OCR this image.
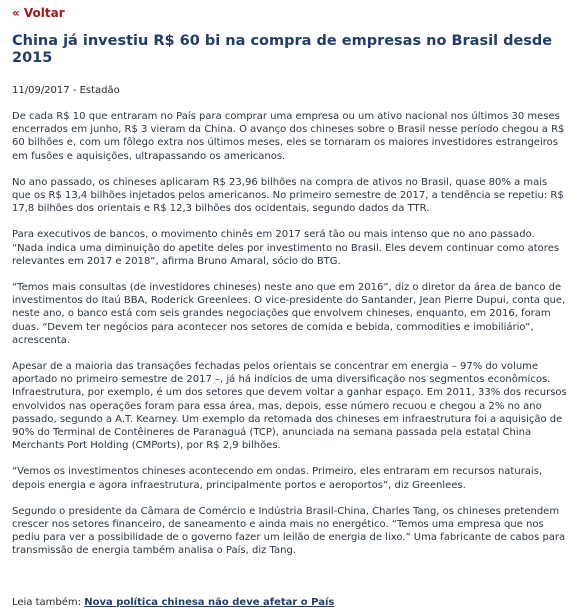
« Voltar
China já investiu R$ 60 bi na compra de empresas no Brasil desde 2015
11/09/2017 - Estadão

De cada R$ 10 que entraram no País para comprar uma empresa ou um ativo nacional nos últimos 30 meses encerrados em junho, R$ 3 vieram da China. O avanço dos chineses sobre o Brasil nesse período chegou a R$ 60 bilhões e, com um fôlego extra nos últimos meses, eles se tornaram os maiores investidores estrangeiros em fusões e aquisições, ultrapassando os americanos.

No ano passado, os chineses aplicaram R$ 23,96 bilhões na compra de ativos no Brasil, quase 80% a mais que os R$ 13,4 bilhões injetados pelos americanos. No primeiro semestre de 2017, a tendência se repetiu: R$ 17,8 bilhões dos orientais e R$ 12,3 bilhões dos ocidentais, segundo dados da TTR.

Para executivos de bancos, o movimento chinês em 2017 será tão ou mais intenso que no ano passado. “Nada indica uma diminuição do apetite deles por investimento no Brasil. Eles devem continuar como atores relevantes em 2017 e 2018”, afirma Bruno Amaral, sócio do BTG.

“Temos mais consultas (de investidores chineses) neste ano que em 2016”, diz o diretor da área de banco de investimentos do Itaú BBA, Roderick Greenlees. O vice-presidente do Santander, Jean Pierre Dupui, conta que, neste ano, o banco está com seis grandes negociações que envolvem chineses, enquanto, em 2016, foram duas. “Devem ter negócios para acontecer nos setores de comida e bebida, commodities e imobiliário”, acrescenta.

Apesar de a maioria das transações fechadas pelos orientais se concentrar em energia – 97% do volume aportado no primeiro semestre de 2017 –, já há indícios de uma diversificação nos segmentos econômicos. Infraestrutura, por exemplo, é um dos setores que devem voltar a ganhar espaço. Em 2011, 33% dos recursos envolvidos nas operações foram para essa área, mas, depois, esse número recuou e chegou a 2% no ano passado, segundo a A.T. Kearney. Um exemplo da retomada dos chineses em infraestrutura foi a aquisição de 90% do Terminal de Contêineres de Paranaguá (TCP), anunciada na semana passada pela estatal China Merchants Port Holding (CMPorts), por R$ 2,9 bilhões.

“Vemos os investimentos chineses acontecendo em ondas. Primeiro, eles entraram em recursos naturais, depois energia e agora infraestrutura, principalmente portos e aeroportos”, diz Greenlees.

Segundo o presidente da Câmara de Comércio e Indústria Brasil-China, Charles Tang, os chineses pretendem crescer nos setores financeiro, de saneamento e ainda mais no energético. “Temos uma empresa que nos pediu para ver a possibilidade de o governo fazer um leilão de energia de lixo.” Uma fabricante de cabos para transmissão de energia também analisa o País, diz Tang.

Leia também: Nova política chinesa não deve afetar o País
